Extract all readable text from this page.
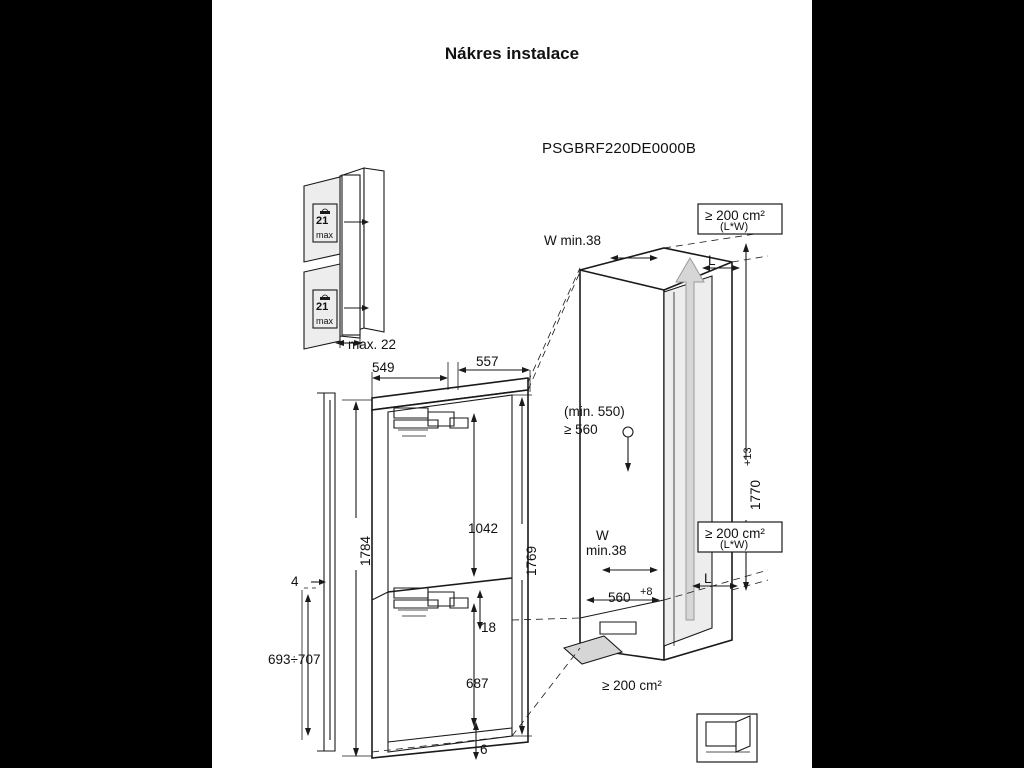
Nákres instalace
PSGBRF220DE0000B
21
max
21
max
max. 22
549	557
1042
18
687
6
1769
1784
1770
+13
4
693÷707
W min.38
L
≥ 200 cm²
(L*W)
≥ 200 cm²
(L*W)
(min. 550)
≥ 560
W
min.38
560 +8
L
≥ 200 cm²
